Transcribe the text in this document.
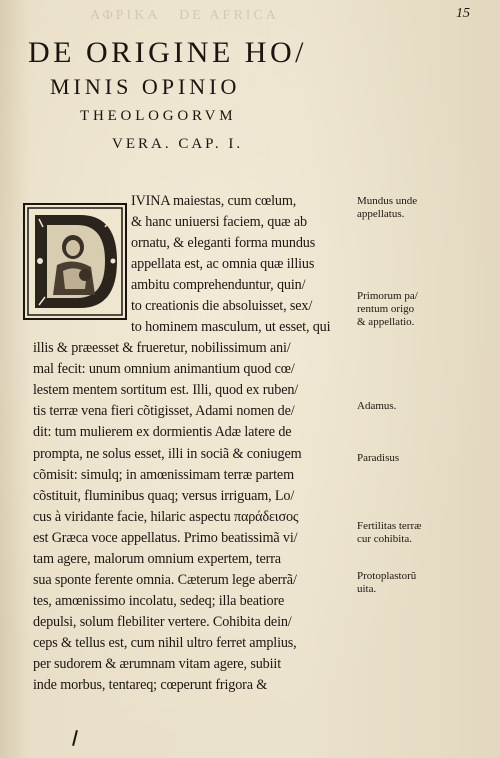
ΑΦΡΙΚΑ   DE AFRICA	15
DE ORIGINE HO/
MINIS OPINIO
THEOLOGORVM
VERA. CAP. I.
IVINA maiestas, cum cœlum,
& hanc uniuersi faciem, quæ ab
ornatu, & eleganti forma mundus
appellata est, ac omnia quæ illius
ambitu comprehenduntur, quin/
to creationis die absoluisset, sex/
to hominem masculum, ut esset, qui
illis & præesset & frueretur, nobilissimum ani/
mal fecit: unum omnium animantium quod cœ/
lestem mentem sortitum est. Illi, quod ex ruben/
tis terræ vena fieri cõtigisset, Adami nomen de/
dit: tum mulierem ex dormientis Adæ latere de
prompta, ne solus esset, illi in sociã & coniugem
cõmisit: simulq; in amœnissimam terræ partem
cõstituit, fluminibus quaq; versus irriguam, Lo/
cus à viridante facie, hilaric aspectu παράδεισος
est Græca voce appellatus. Primo beatissimã vi/
tam agere, malorum omnium expertem, terra
sua sponte ferente omnia. Cæterum lege aberrã/
tes, amœnissimo incolatu, sedeq; illa beatiore
depulsi, solum flebiliter vertere. Cohibita dein/
ceps & tellus est, cum nihil ultro ferret amplius,
per sudorem & ærumnam vitam agere, subiit
inde morbus, tentareq; cœperunt frigora &
Mundus unde
appellatus.
Primorum pa/
rentum origo
& appellatio.
Adamus.
Paradisus
Fertilitas terræ
cur cohibita.
Protoplastorũ
uita.
